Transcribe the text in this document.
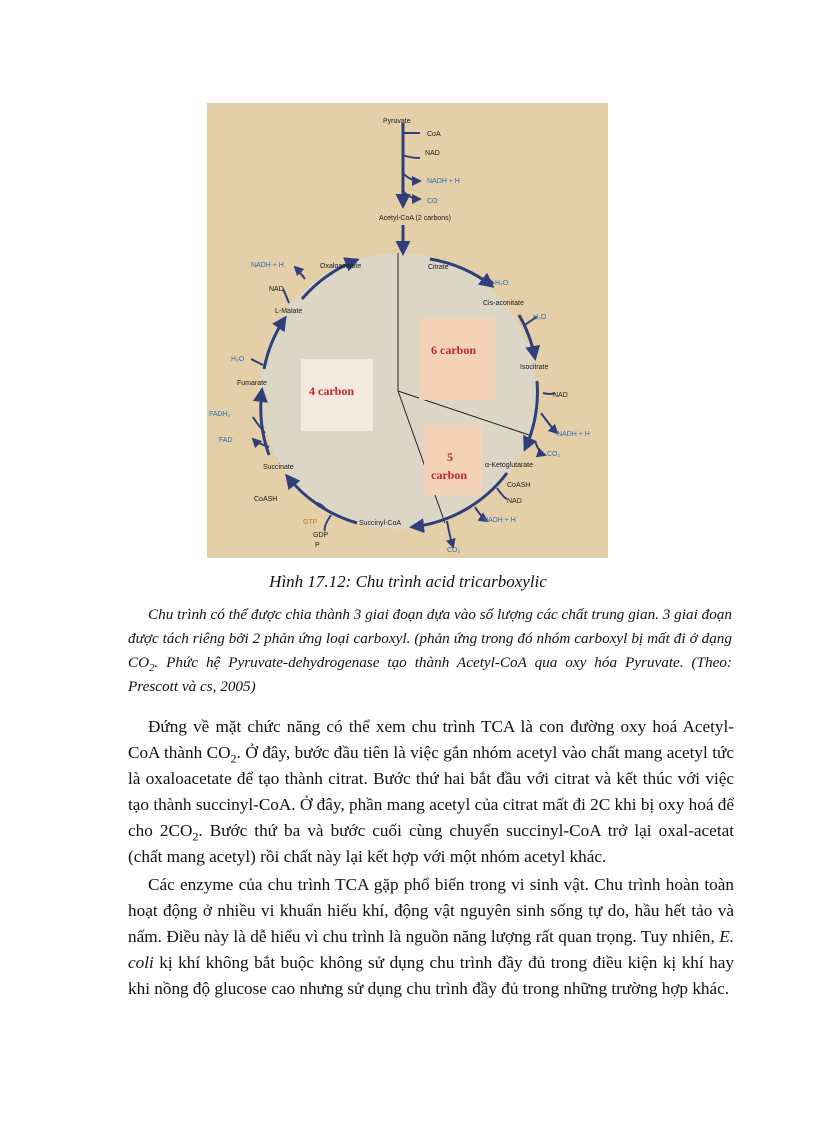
Pyruvate
CoA
NAD
NADH + H
CO
Acetyl-CoA (2 carbons)
Citrate
Cis-aconitate
Isocitrate
α-Ketoglutarate
Succinyl-CoA
Succinate
Fumarate
L-Malate
Oxaloacetate
H₂O
H₂O
NAD
NADH + H
CO₂
CoASH
NAD
NADH + H
CO₂
GTP
GDP
P
CoASH
FADH₂
FAD
H₂O
NAD
NADH + H
6 carbon
4 carbon
5
carbon
Hình 17.12: Chu trình acid tricarboxylic

Chu trình có thể được chia thành 3 giai đoạn dựa vào số lượng các chất trung gian. 3 giai đoạn được tách riêng bởi 2 phản ứng loại carboxyl. (phản ứng trong đó nhóm carboxyl bị mất đi ở dạng $CO_2$. Phức hệ Pyruvate-dehydrogenase tạo thành Acetyl-CoA qua oxy hóa Pyruvate. (Theo: Prescott và cs, 2005)

Đứng về mặt chức năng có thể xem chu trình TCA là con đường oxy hoá Acetyl-CoA thành $CO_2$. Ở đây, bước đầu tiên là việc gắn nhóm acetyl vào chất mang acetyl tức là oxaloacetate để tạo thành citrat. Bước thứ hai bắt đầu với citrat và kết thúc với việc tạo thành succinyl-CoA. Ở đây, phần mang acetyl của citrat mất đi 2C khi bị oxy hoá để cho $2CO_2$. Bước thứ ba và bước cuối cùng chuyển succinyl-CoA trở lại oxal-acetat (chất mang acetyl) rồi chất này lại kết hợp với một nhóm acetyl khác.

Các enzyme của chu trình TCA gặp phổ biến trong vi sinh vật. Chu trình hoàn toàn hoạt động ở nhiều vi khuẩn hiếu khí, động vật nguyên sinh sống tự do, hầu hết tảo và nấm. Điều này là dễ hiểu vì chu trình là nguồn năng lượng rất quan trọng. Tuy nhiên, E. coli kị khí không bắt buộc không sử dụng chu trình đầy đủ trong điều kiện kị khí hay khi nồng độ glucose cao nhưng sử dụng chu trình đầy đủ trong những trường hợp khác.
